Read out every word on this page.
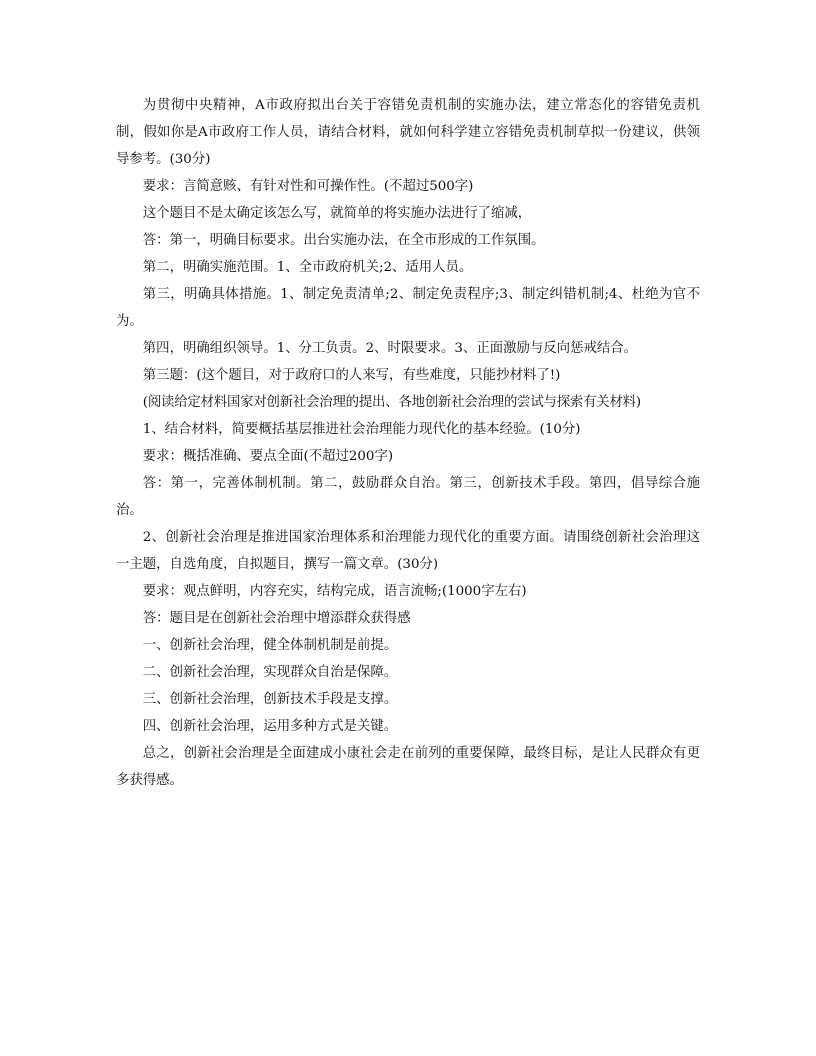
为贯彻中央精神，A市政府拟出台关于容错免责机制的实施办法，建立常态化的容错免责机制，假如你是A市政府工作人员，请结合材料，就如何科学建立容错免责机制草拟一份建议，供领导参考。(30分)

要求：言简意赅、有针对性和可操作性。(不超过500字)

这个题目不是太确定该怎么写，就简单的将实施办法进行了缩减，

答：第一，明确目标要求。出台实施办法，在全市形成的工作氛围。

第二，明确实施范围。1、全市政府机关;2、适用人员。

第三，明确具体措施。1、制定免责清单;2、制定免责程序;3、制定纠错机制;4、杜绝为官不为。

第四，明确组织领导。1、分工负责。2、时限要求。3、正面激励与反向惩戒结合。

第三题：(这个题目，对于政府口的人来写，有些难度，只能抄材料了!)

(阅读给定材料国家对创新社会治理的提出、各地创新社会治理的尝试与探索有关材料)

1、结合材料，简要概括基层推进社会治理能力现代化的基本经验。(10分)

要求：概括准确、要点全面(不超过200字)

答：第一，完善体制机制。第二，鼓励群众自治。第三，创新技术手段。第四，倡导综合施治。

2、创新社会治理是推进国家治理体系和治理能力现代化的重要方面。请围绕创新社会治理这一主题，自选角度，自拟题目，撰写一篇文章。(30分)

要求：观点鲜明，内容充实，结构完成，语言流畅;(1000字左右)

答：题目是在创新社会治理中增添群众获得感

一、创新社会治理，健全体制机制是前提。

二、创新社会治理，实现群众自治是保障。

三、创新社会治理，创新技术手段是支撑。

四、创新社会治理，运用多种方式是关键。

总之，创新社会治理是全面建成小康社会走在前列的重要保障，最终目标，是让人民群众有更多获得感。
